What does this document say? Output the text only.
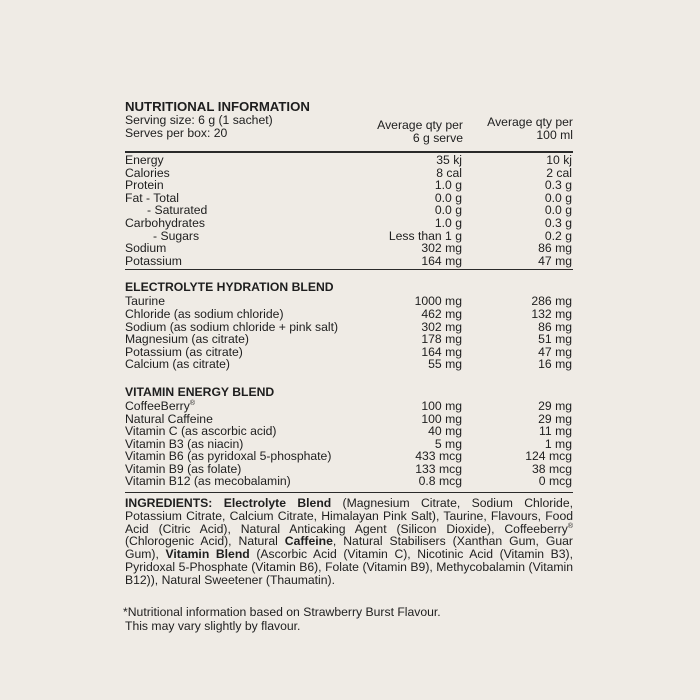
NUTRITIONAL INFORMATION
Serving size: 6 g (1 sachet)
Serves per box: 20
Average qty per
6 g serve
Average qty per
100 ml
Energy	35 kj	10 kj
Calories	8 cal	2 cal
Protein	1.0 g	0.3 g
Fat - Total	0.0 g	0.0 g
- Saturated	0.0 g	0.0 g
Carbohydrates	1.0 g	0.3 g
- Sugars	Less than 1 g	0.2 g
Sodium	302 mg	86 mg
Potassium	164 mg	47 mg
ELECTROLYTE HYDRATION BLEND
Taurine	1000 mg	286 mg
Chloride (as sodium chloride)	462 mg	132 mg
Sodium (as sodium chloride + pink salt)	302 mg	86 mg
Magnesium (as citrate)	178 mg	51 mg
Potassium (as citrate)	164 mg	47 mg
Calcium (as citrate)	55 mg	16 mg
VITAMIN ENERGY BLEND
CoffeeBerry®	100 mg	29 mg
Natural Caffeine	100 mg	29 mg
Vitamin C (as ascorbic acid)	40 mg	11 mg
Vitamin B3 (as niacin)	5 mg	1 mg
Vitamin B6 (as pyridoxal 5-phosphate)	433 mcg	124 mcg
Vitamin B9 (as folate)	133 mcg	38 mcg
Vitamin B12 (as mecobalamin)	0.8 mcg	0 mcg
INGREDIENTS: Electrolyte Blend (Magnesium Citrate, Sodium Chloride, Potassium Citrate, Calcium Citrate, Himalayan Pink Salt), Taurine, Flavours, Food Acid (Citric Acid), Natural Anticaking Agent (Silicon Dioxide), Coffeeberry® (Chlorogenic Acid), Natural Caffeine, Natural Stabilisers (Xanthan Gum, Guar Gum), Vitamin Blend (Ascorbic Acid (Vitamin C), Nicotinic Acid (Vitamin B3), Pyridoxal 5-Phosphate (Vitamin B6), Folate (Vitamin B9), Methycobalamin (Vitamin B12)), Natural Sweetener (Thaumatin).
*Nutritional information based on Strawberry Burst Flavour.
This may vary slightly by flavour.
